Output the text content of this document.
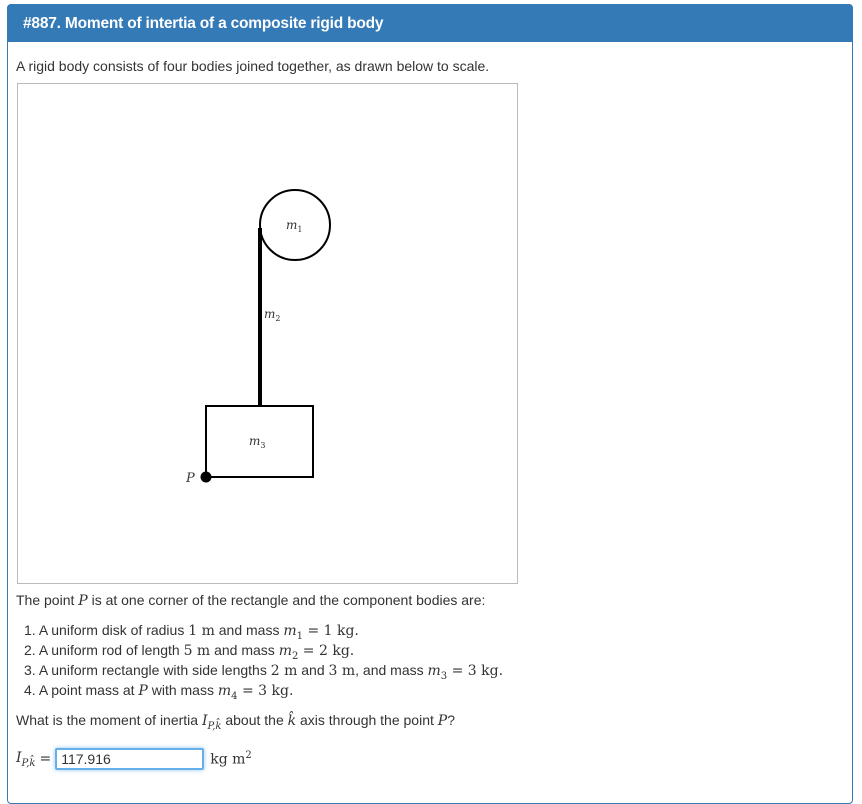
#887. Moment of intertia of a composite rigid body
A rigid body consists of four bodies joined together, as drawn below to scale.
$m_1$
$m_2$
$m_3$
P
The point P is at one corner of the rectangle and the component bodies are:
1. A uniform disk of radius 1 m and mass $m_1 = 1$ kg.
2. A uniform rod of length 5 m and mass $m_2 = 2$ kg.
3. A uniform rectangle with side lengths 2 m and 3 m, and mass $m_3 = 3$ kg.
4. A point mass at P with mass $m_4 = 3$ kg.
What is the moment of inertia $I_{P,k̂}$ about the k̂ axis through the point P?
$I_{P,k̂}$ =
117.916	kg $m^2$
